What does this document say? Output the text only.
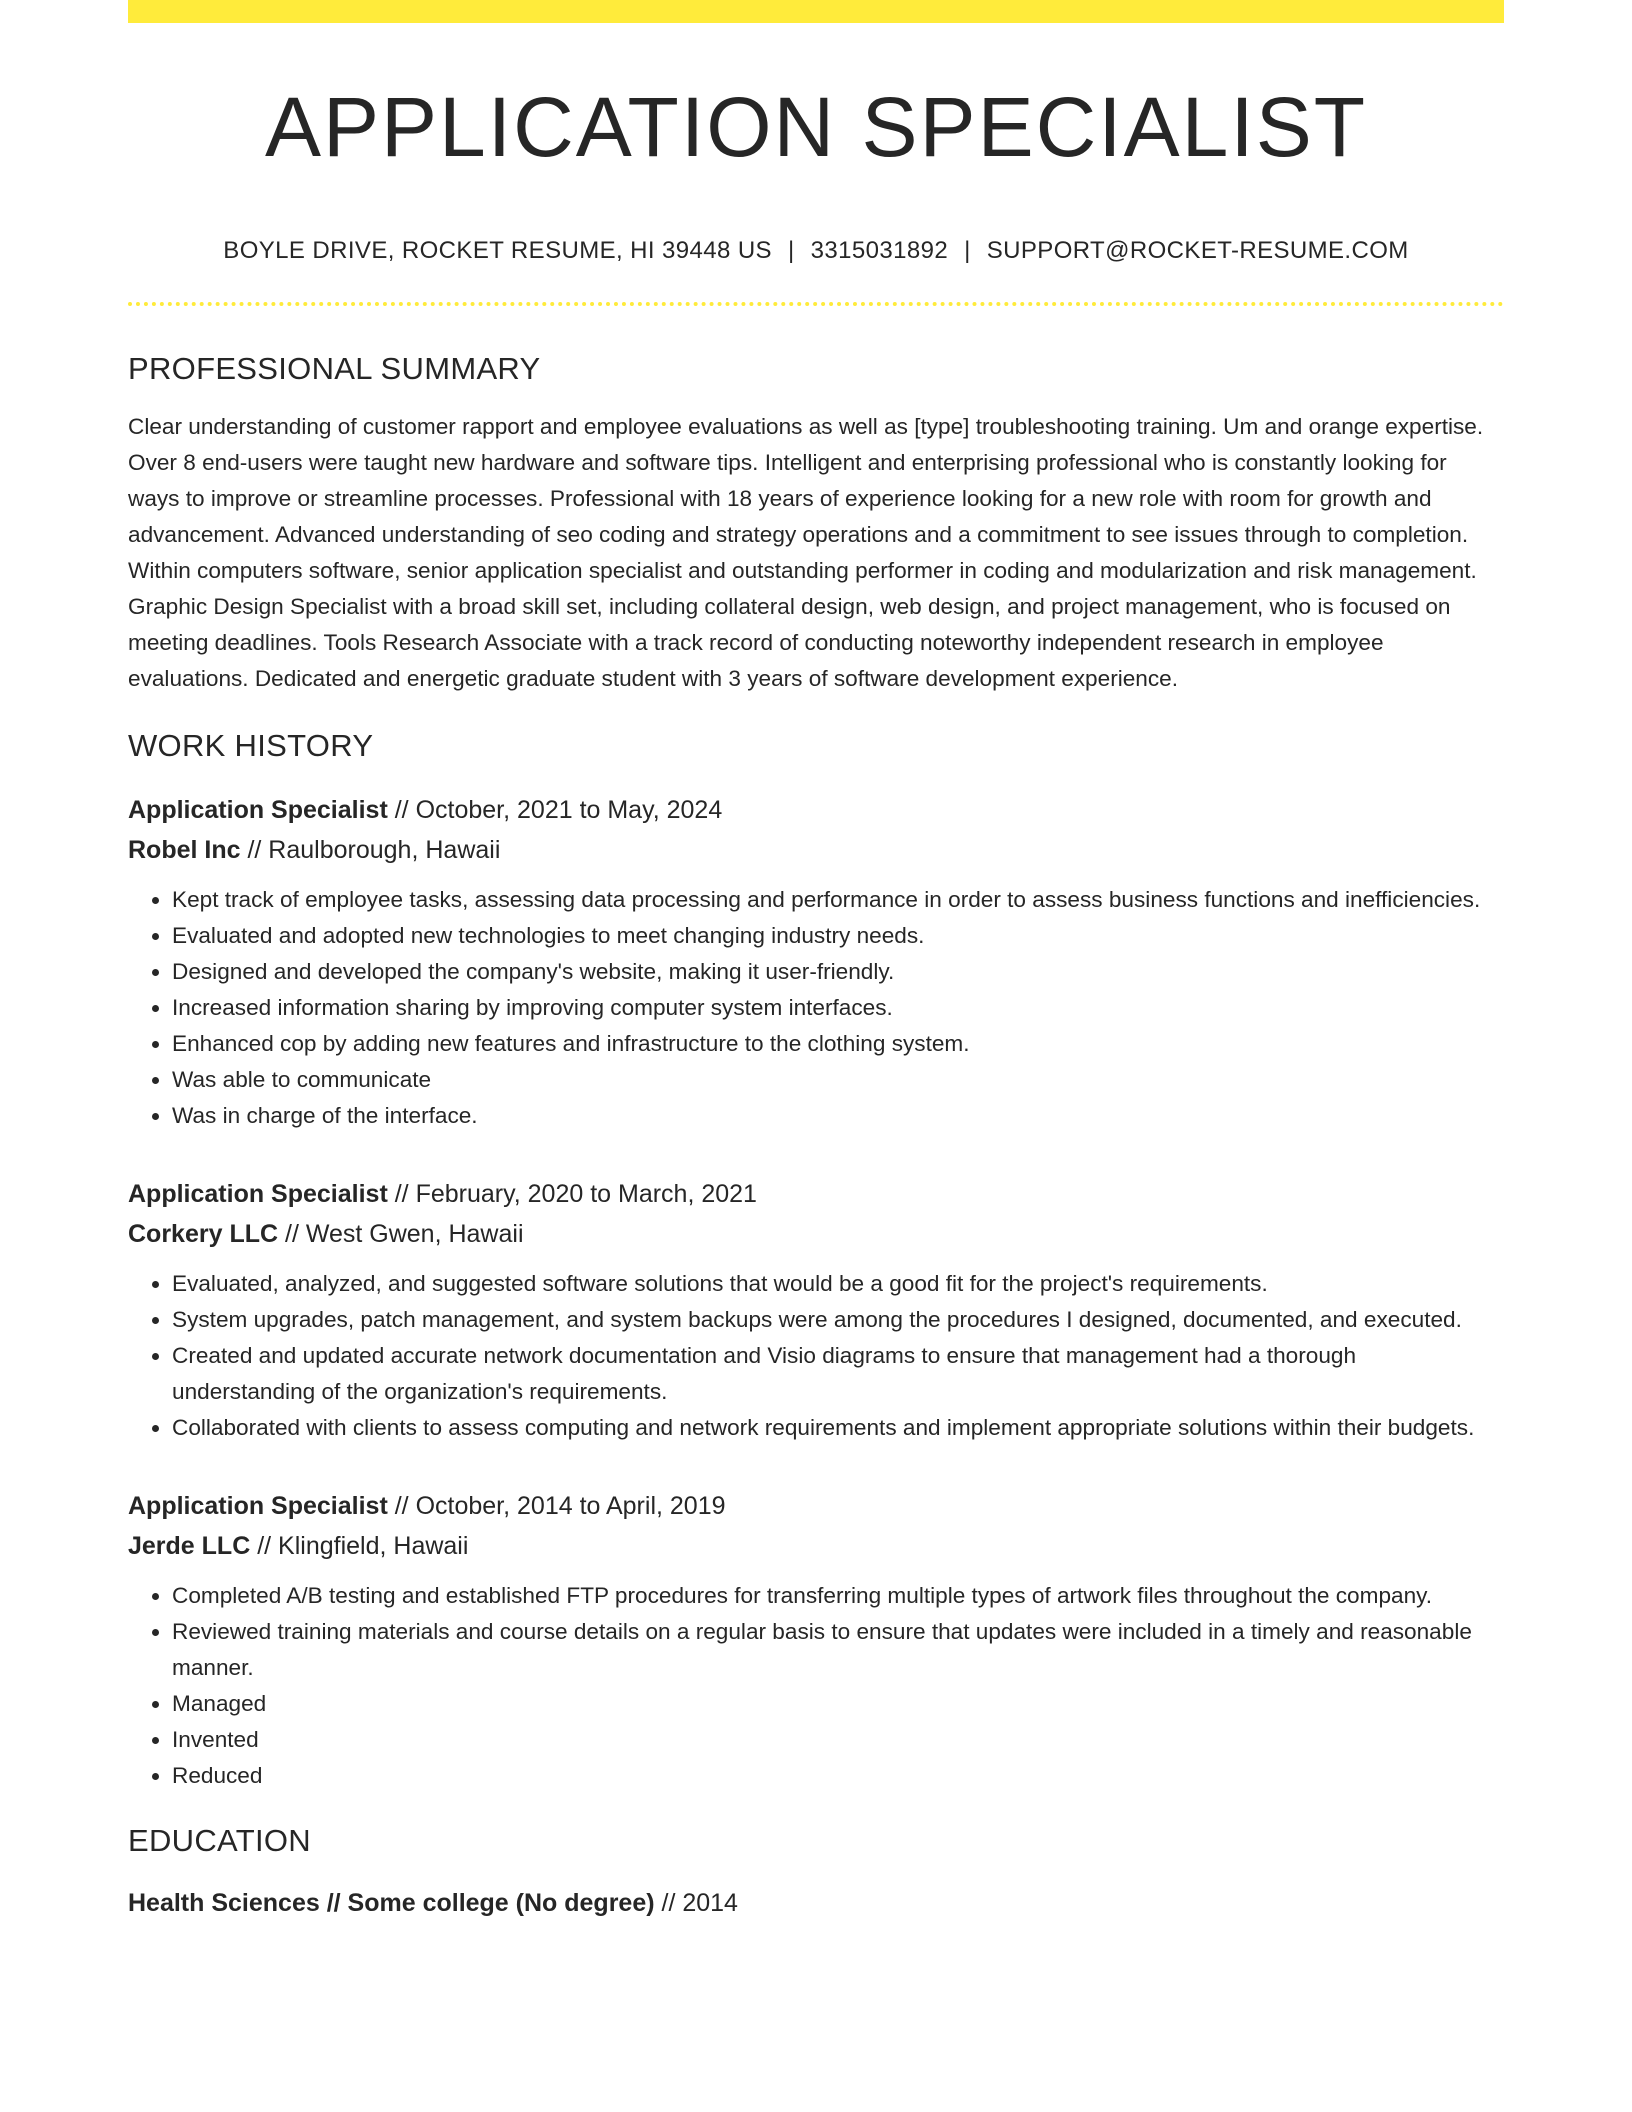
APPLICATION SPECIALIST
BOYLE DRIVE, ROCKET RESUME, HI 39448 US | 3315031892 | SUPPORT@ROCKET-RESUME.COM
PROFESSIONAL SUMMARY
Clear understanding of customer rapport and employee evaluations as well as [type] troubleshooting training. Um and orange expertise. Over 8 end-users were taught new hardware and software tips. Intelligent and enterprising professional who is constantly looking for ways to improve or streamline processes. Professional with 18 years of experience looking for a new role with room for growth and advancement. Advanced understanding of seo coding and strategy operations and a commitment to see issues through to completion. Within computers software, senior application specialist and outstanding performer in coding and modularization and risk management. Graphic Design Specialist with a broad skill set, including collateral design, web design, and project management, who is focused on meeting deadlines. Tools Research Associate with a track record of conducting noteworthy independent research in employee evaluations. Dedicated and energetic graduate student with 3 years of software development experience.
WORK HISTORY
Application Specialist // October, 2021 to May, 2024
Robel Inc // Raulborough, Hawaii
• Kept track of employee tasks, assessing data processing and performance in order to assess business functions and inefficiencies.
• Evaluated and adopted new technologies to meet changing industry needs.
• Designed and developed the company's website, making it user-friendly.
• Increased information sharing by improving computer system interfaces.
• Enhanced cop by adding new features and infrastructure to the clothing system.
• Was able to communicate
• Was in charge of the interface.
Application Specialist // February, 2020 to March, 2021
Corkery LLC // West Gwen, Hawaii
• Evaluated, analyzed, and suggested software solutions that would be a good fit for the project's requirements.
• System upgrades, patch management, and system backups were among the procedures I designed, documented, and executed.
• Created and updated accurate network documentation and Visio diagrams to ensure that management had a thorough understanding of the organization's requirements.
• Collaborated with clients to assess computing and network requirements and implement appropriate solutions within their budgets.
Application Specialist // October, 2014 to April, 2019
Jerde LLC // Klingfield, Hawaii
• Completed A/B testing and established FTP procedures for transferring multiple types of artwork files throughout the company.
• Reviewed training materials and course details on a regular basis to ensure that updates were included in a timely and reasonable manner.
• Managed
• Invented
• Reduced
EDUCATION
Health Sciences // Some college (No degree) // 2014
